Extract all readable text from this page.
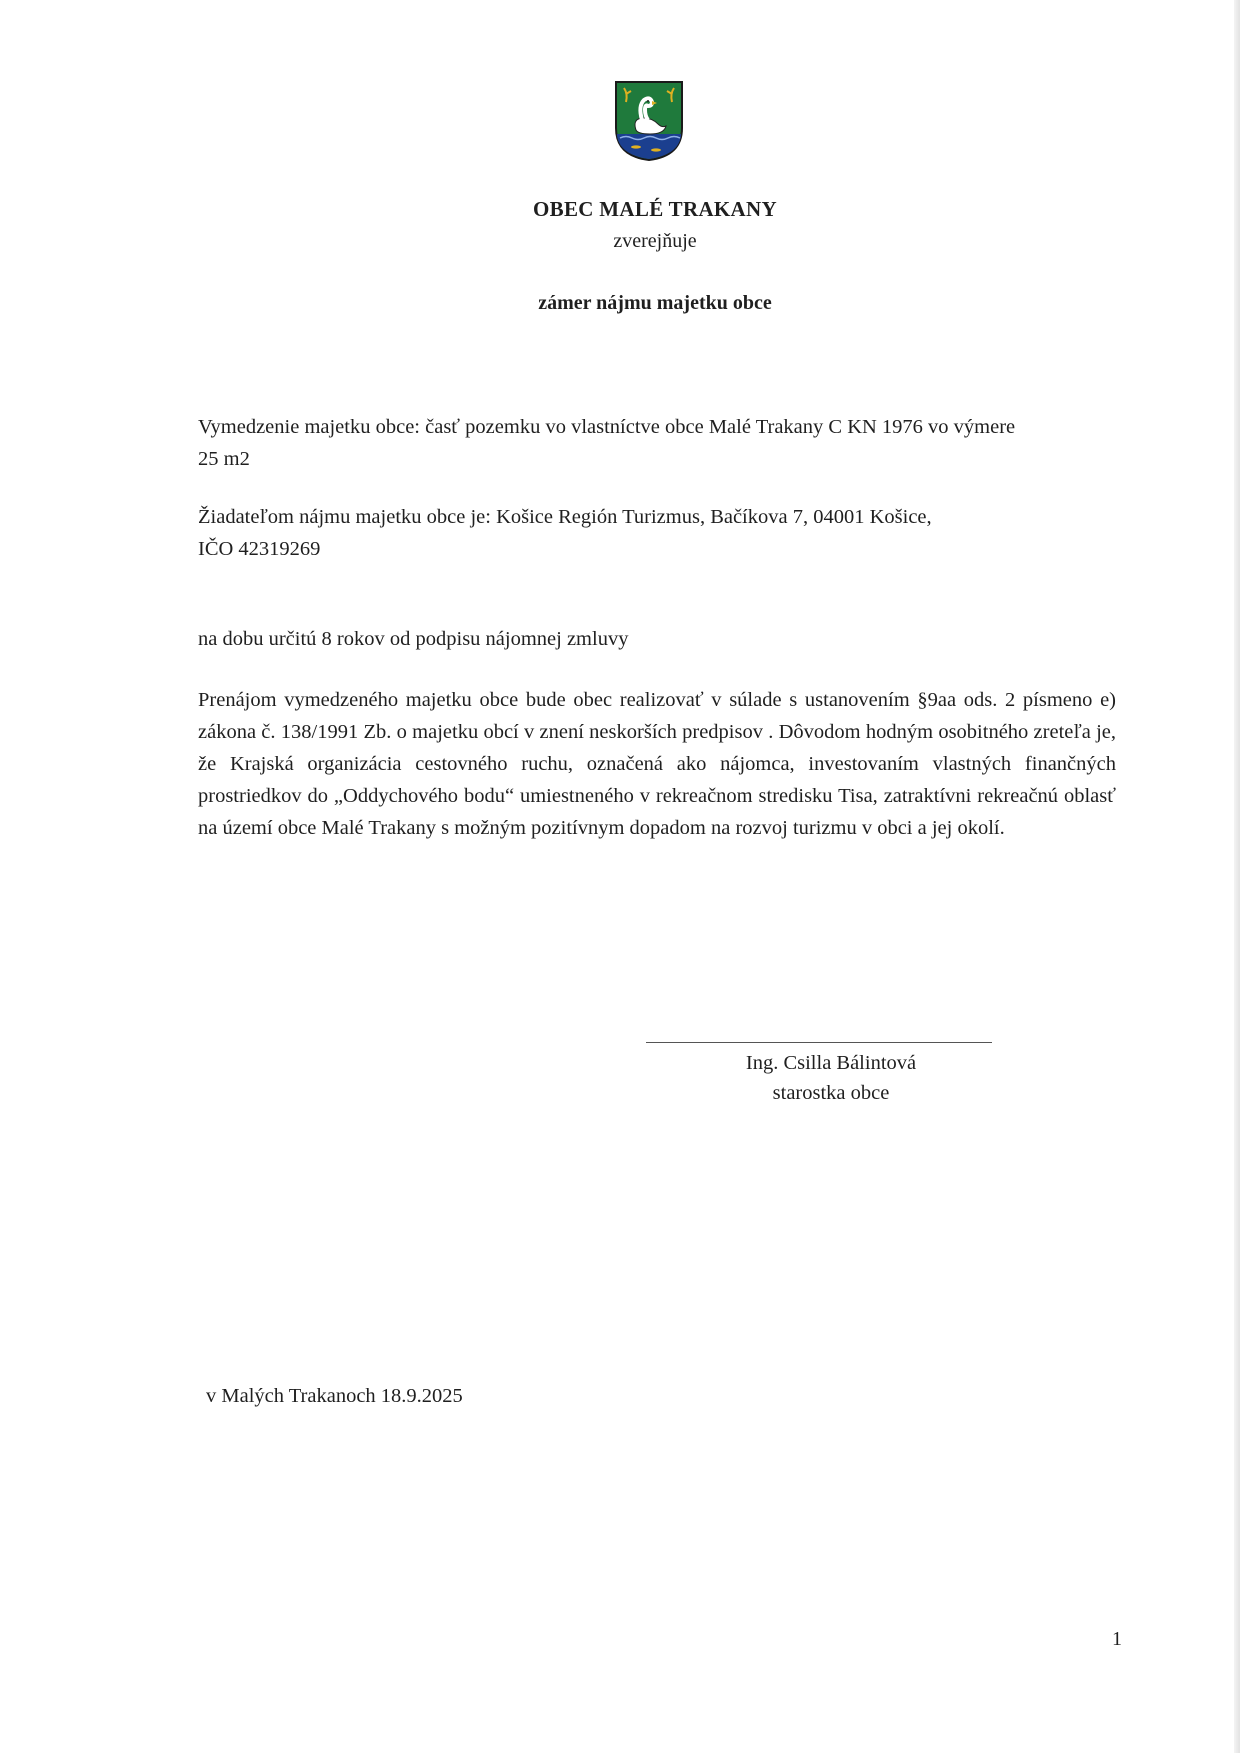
OBEC MALÉ TRAKANY
zverejňuje
zámer nájmu majetku obce
Vymedzenie majetku obce: časť pozemku vo vlastníctve obce Malé Trakany C KN 1976 vo výmere
25 m2
Žiadateľom nájmu majetku obce je: Košice Región Turizmus, Bačíkova 7, 04001 Košice,
IČO 42319269
na dobu určitú 8 rokov od podpisu nájomnej zmluvy
Prenájom vymedzeného majetku obce bude obec realizovať v súlade s ustanovením §9aa ods. 2 písmeno e) zákona č. 138/1991 Zb. o majetku obcí v znení neskorších predpisov . Dôvodom hodným osobitného zreteľa je, že Krajská organizácia cestovného ruchu, označená ako nájomca, investovaním vlastných finančných prostriedkov do „Oddychového bodu“ umiestneného v rekreačnom stredisku Tisa, zatraktívni rekreačnú oblasť na území obce Malé Trakany s možným pozitívnym dopadom na rozvoj turizmu v obci a jej okolí.
Ing. Csilla Bálintová
starostka obce
v Malých Trakanoch 18.9.2025
1
